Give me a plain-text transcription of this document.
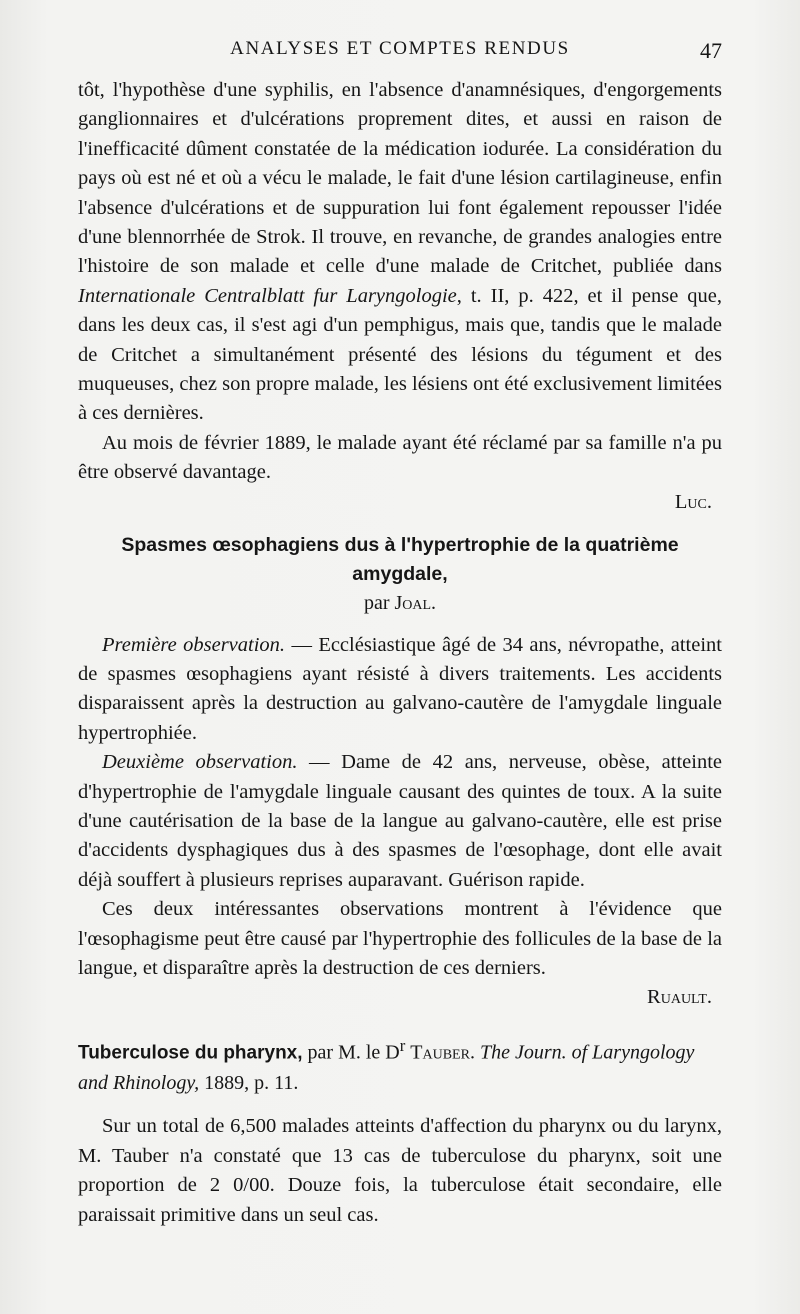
ANALYSES ET COMPTES RENDUS	47

tôt, l'hypothèse d'une syphilis, en l'absence d'anamnésiques, d'engorgements ganglionnaires et d'ulcérations proprement dites, et aussi en raison de l'inefficacité dûment constatée de la médication iodurée. La considération du pays où est né et où a vécu le malade, le fait d'une lésion cartilagineuse, enfin l'absence d'ulcérations et de suppuration lui font également repousser l'idée d'une blennorrhée de Strok. Il trouve, en revanche, de grandes analogies entre l'histoire de son malade et celle d'une malade de Critchet, publiée dans Internationale Centralblatt fur Laryngologie, t. II, p. 422, et il pense que, dans les deux cas, il s'est agi d'un pemphigus, mais que, tandis que le malade de Critchet a simultanément présenté des lésions du tégument et des muqueuses, chez son propre malade, les lésiens ont été exclusivement limitées à ces dernières.

Au mois de février 1889, le malade ayant été réclamé par sa famille n'a pu être observé davantage.

Luc.

Spasmes œsophagiens dus à l'hypertrophie de la quatrième amygdale,
par Joal.

Première observation. — Ecclésiastique âgé de 34 ans, névropathe, atteint de spasmes œsophagiens ayant résisté à divers traitements. Les accidents disparaissent après la destruction au galvano-cautère de l'amygdale linguale hypertrophiée.

Deuxième observation. — Dame de 42 ans, nerveuse, obèse, atteinte d'hypertrophie de l'amygdale linguale causant des quintes de toux. A la suite d'une cautérisation de la base de la langue au galvano-cautère, elle est prise d'accidents dysphagiques dus à des spasmes de l'œsophage, dont elle avait déjà souffert à plusieurs reprises auparavant. Guérison rapide.

Ces deux intéressantes observations montrent à l'évidence que l'œsophagisme peut être causé par l'hypertrophie des follicules de la base de la langue, et disparaître après la destruction de ces derniers.

Ruault.

Tuberculose du pharynx, par M. le $D^r$ Tauber. The Journ. of Laryngology and Rhinology, 1889, p. 11.

Sur un total de 6,500 malades atteints d'affection du pharynx ou du larynx, M. Tauber n'a constaté que 13 cas de tuberculose du pharynx, soit une proportion de 2 0/00. Douze fois, la tuberculose était secondaire, elle paraissait primitive dans un seul cas.
